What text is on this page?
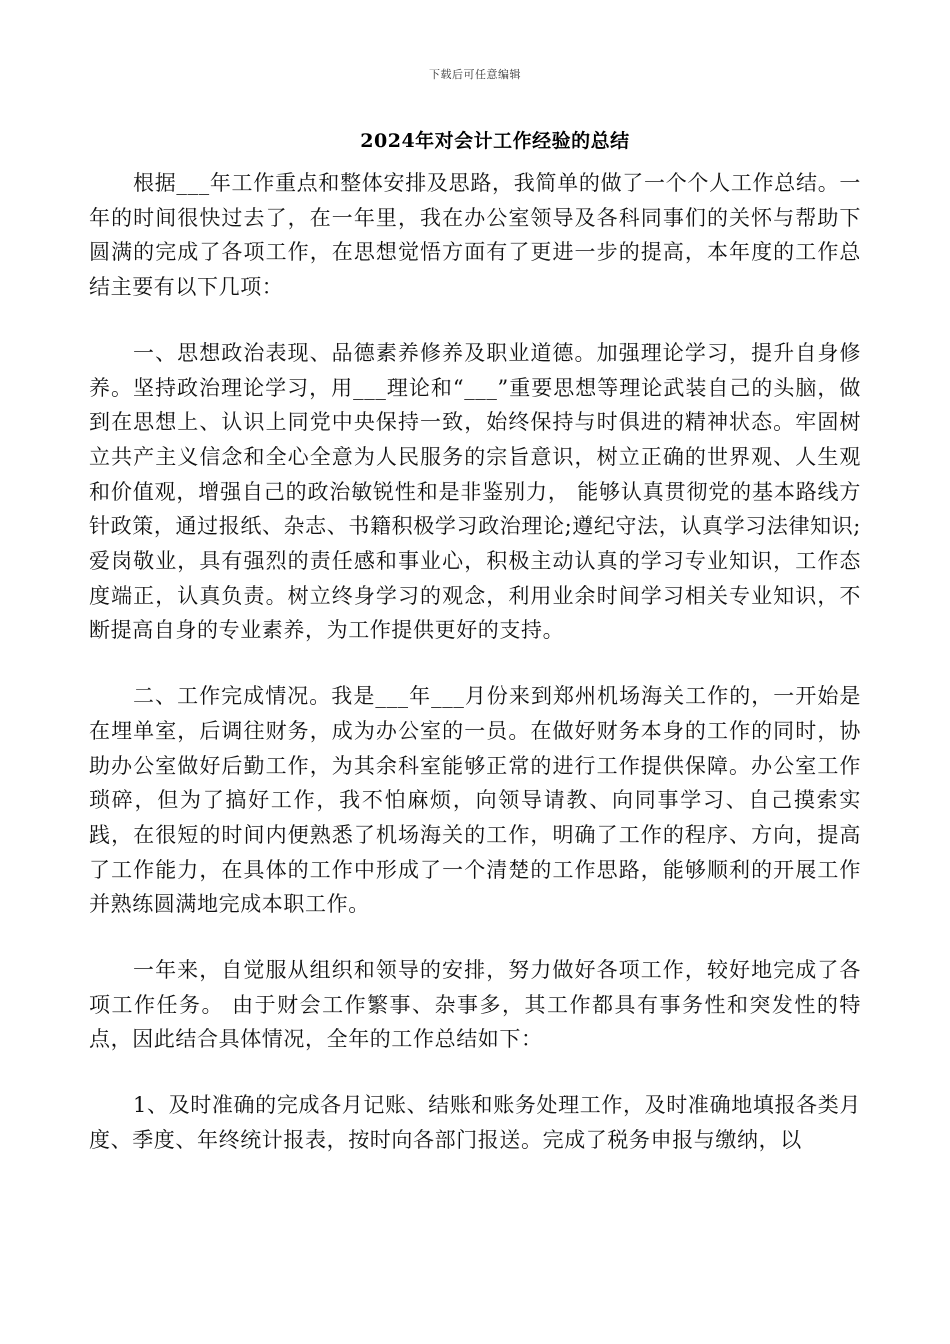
下载后可任意编辑
2024年对会计工作经验的总结

根据___年工作重点和整体安排及思路，我简单的做了一个个人工作总结。一年的时间很快过去了，在一年里，我在办公室领导及各科同事们的关怀与帮助下圆满的完成了各项工作，在思想觉悟方面有了更进一步的提高，本年度的工作总结主要有以下几项：

一、思想政治表现、品德素养修养及职业道德。加强理论学习，提升自身修养。坚持政治理论学习，用___理论和“___”重要思想等理论武装自己的头脑，做到在思想上、认识上同党中央保持一致，始终保持与时俱进的精神状态。牢固树立共产主义信念和全心全意为人民服务的宗旨意识，树立正确的世界观、人生观和价值观，增强自己的政治敏锐性和是非鉴别力， 能够认真贯彻党的基本路线方针政策，通过报纸、杂志、书籍积极学习政治理论;遵纪守法，认真学习法律知识;爱岗敬业，具有强烈的责任感和事业心，积极主动认真的学习专业知识，工作态度端正，认真负责。树立终身学习的观念，利用业余时间学习相关专业知识，不断提高自身的专业素养，为工作提供更好的支持。

二、工作完成情况。我是___年___月份来到郑州机场海关工作的，一开始是在埋单室，后调往财务，成为办公室的一员。在做好财务本身的工作的同时，协助办公室做好后勤工作，为其余科室能够正常的进行工作提供保障。办公室工作琐碎，但为了搞好工作，我不怕麻烦，向领导请教、向同事学习、自己摸索实践，在很短的时间内便熟悉了机场海关的工作，明确了工作的程序、方向，提高了工作能力，在具体的工作中形成了一个清楚的工作思路，能够顺利的开展工作并熟练圆满地完成本职工作。

一年来，自觉服从组织和领导的安排，努力做好各项工作，较好地完成了各项工作任务。 由于财会工作繁事、杂事多，其工作都具有事务性和突发性的特点，因此结合具体情况，全年的工作总结如下：

1、及时准确的完成各月记账、结账和账务处理工作，及时准确地填报各类月度、季度、年终统计报表，按时向各部门报送。完成了税务申报与缴纳，以
